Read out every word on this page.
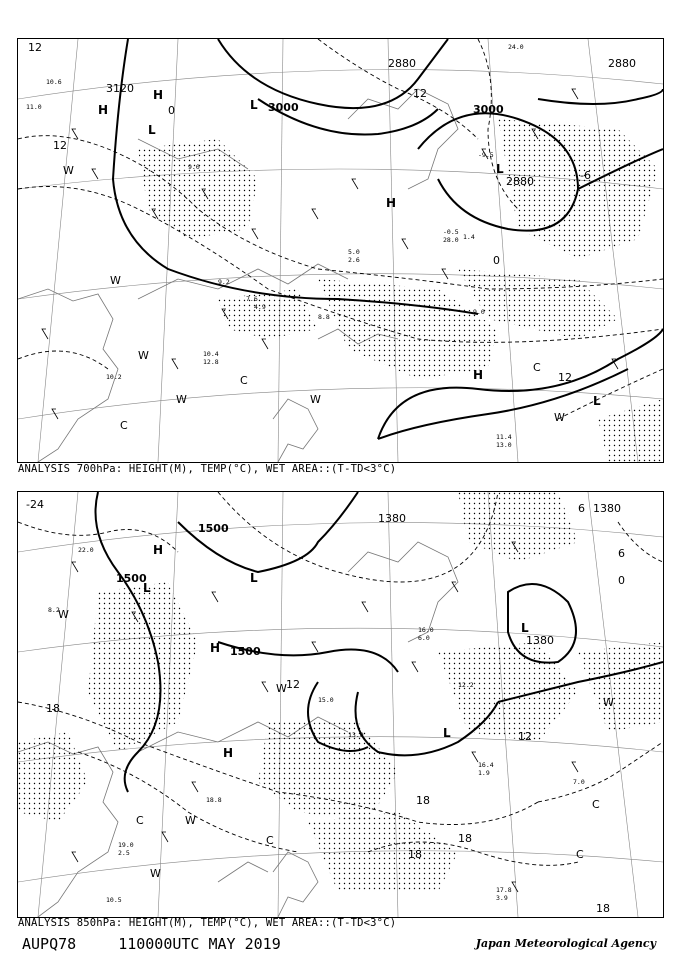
3120
3000
2880
3000
2880
2880
12
0
12
12
0
-6
12
H
H
L
L
L
H
H
L
C
C
C
W
W
W
W	W
W
11.0
10.6
9.0
7.6
4.9
5.0
2.6
10.2
9.2
10.4
12.8
8.8
11.4
13.0
-0.5
28.0
9.0
1.4
-9.5
24.0
ANALYSIS 700hPa: HEIGHT(M), TEMP(°C), WET AREA::(T-TD<3°C)
1500
1500
1500
1380
1380
1380
-24
18
6
0
18
12
18
18
6
12
18
H
L
H
L
L
H
L
C
C
C
C
W
W
W
W
W
22.0
15.0
12.2
13.0
16.4
1.9
7.0
17.8
3.9
19.0
2.5
18.8
10.5
8.2
16.0
6.0
ANALYSIS 850hPa: HEIGHT(M), TEMP(°C), WET AREA::(T-TD<3°C)
AUPQ78	110000UTC MAY 2019	Japan Meteorological Agency
